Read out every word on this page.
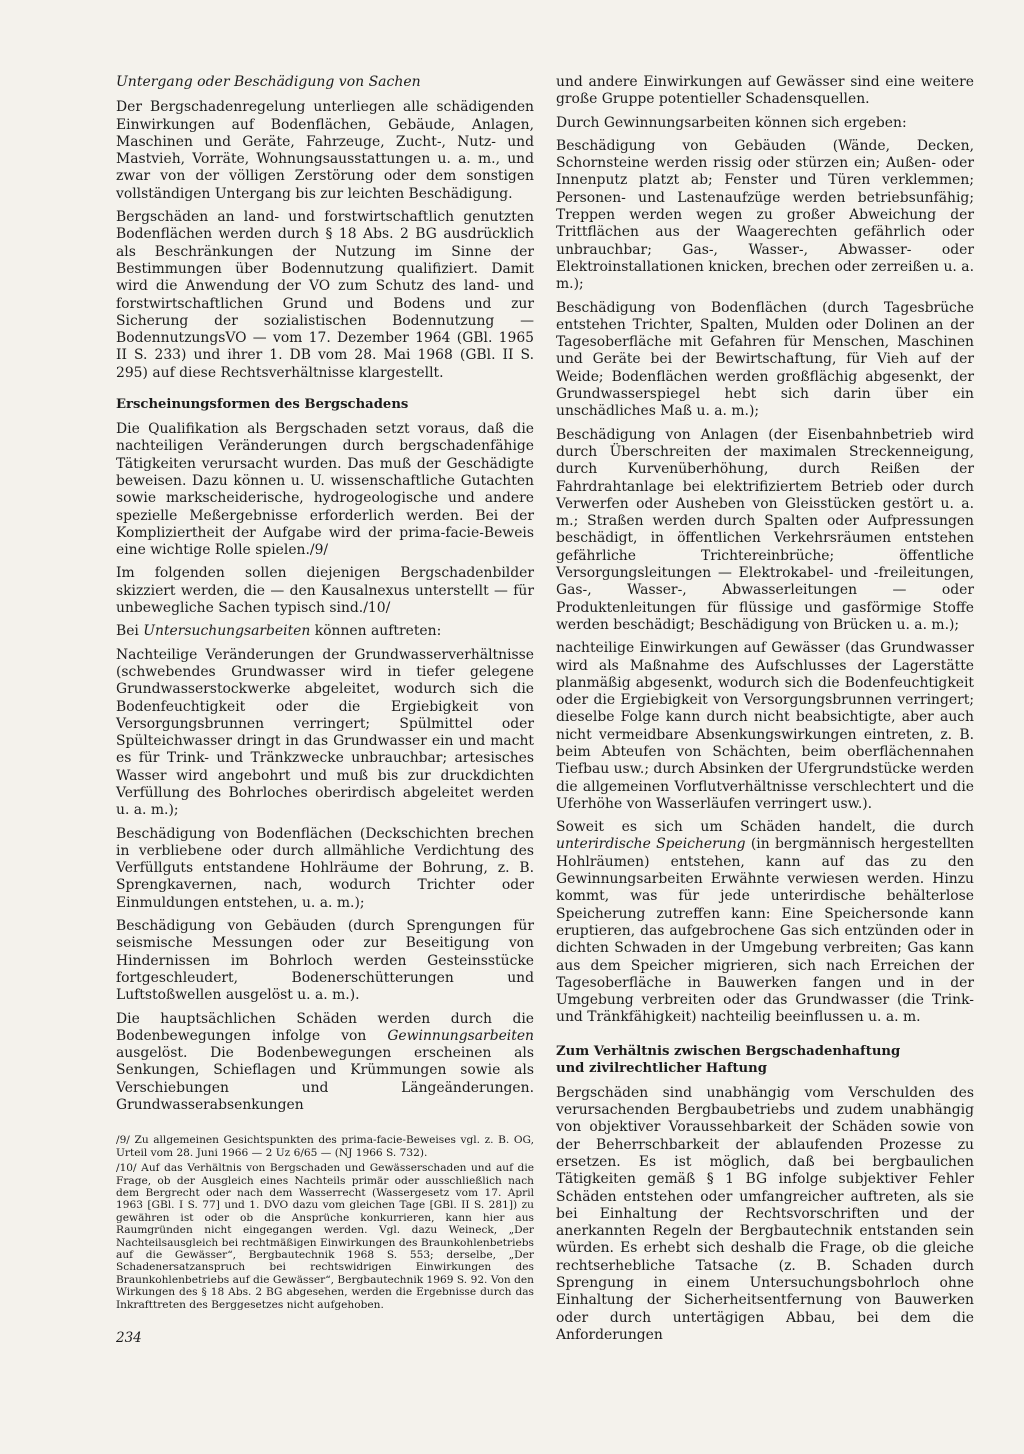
Untergang oder Beschädigung von Sachen

Der Bergschadenregelung unterliegen alle schädigenden Einwirkungen auf Bodenflächen, Gebäude, Anlagen, Maschinen und Geräte, Fahrzeuge, Zucht-, Nutz- und Mastvieh, Vorräte, Wohnungsausstattungen u. a. m., und zwar von der völligen Zerstörung oder dem sonstigen vollständigen Untergang bis zur leichten Beschädigung.

Bergschäden an land- und forstwirtschaftlich genutzten Bodenflächen werden durch § 18 Abs. 2 BG ausdrücklich als Beschränkungen der Nutzung im Sinne der Bestimmungen über Bodennutzung qualifiziert. Damit wird die Anwendung der VO zum Schutz des land- und forstwirtschaftlichen Grund und Bodens und zur Sicherung der sozialistischen Bodennutzung — BodennutzungsVO — vom 17. Dezember 1964 (GBl. 1965 II S. 233) und ihrer 1. DB vom 28. Mai 1968 (GBl. II S. 295) auf diese Rechtsverhältnisse klargestellt.

Erscheinungsformen des Bergschadens

Die Qualifikation als Bergschaden setzt voraus, daß die nachteiligen Veränderungen durch bergschadenfähige Tätigkeiten verursacht wurden. Das muß der Geschädigte beweisen. Dazu können u. U. wissenschaftliche Gutachten sowie markscheiderische, hydrogeologische und andere spezielle Meßergebnisse erforderlich werden. Bei der Kompliziertheit der Aufgabe wird der prima-facie-Beweis eine wichtige Rolle spielen./9/

Im folgenden sollen diejenigen Bergschadenbilder skizziert werden, die — den Kausalnexus unterstellt — für unbewegliche Sachen typisch sind./10/

Bei Untersuchungsarbeiten können auftreten:

Nachteilige Veränderungen der Grundwasserverhältnisse (schwebendes Grundwasser wird in tiefer gelegene Grundwasserstockwerke abgeleitet, wodurch sich die Bodenfeuchtigkeit oder die Ergiebigkeit von Versorgungsbrunnen verringert; Spülmittel oder Spülteichwasser dringt in das Grundwasser ein und macht es für Trink- und Tränkzwecke unbrauchbar; artesisches Wasser wird angebohrt und muß bis zur druckdichten Verfüllung des Bohrloches oberirdisch abgeleitet werden u. a. m.);

Beschädigung von Bodenflächen (Deckschichten brechen in verbliebene oder durch allmähliche Verdichtung des Verfüllguts entstandene Hohlräume der Bohrung, z. B. Sprengkavernen, nach, wodurch Trichter oder Einmuldungen entstehen, u. a. m.);

Beschädigung von Gebäuden (durch Sprengungen für seismische Messungen oder zur Beseitigung von Hindernissen im Bohrloch werden Gesteinsstücke fortgeschleudert, Bodenerschütterungen und Luftstoßwellen ausgelöst u. a. m.).

Die hauptsächlichen Schäden werden durch die Bodenbewegungen infolge von Gewinnungsarbeiten ausgelöst. Die Bodenbewegungen erscheinen als Senkungen, Schieflagen und Krümmungen sowie als Verschiebungen und Längeänderungen. Grundwasserabsenkungen

/9/ Zu allgemeinen Gesichtspunkten des prima-facie-Beweises vgl. z. B. OG, Urteil vom 28. Juni 1966 — 2 Uz 6/65 — (NJ 1966 S. 732).

/10/ Auf das Verhältnis von Bergschaden und Gewässerschaden und auf die Frage, ob der Ausgleich eines Nachteils primär oder ausschließlich nach dem Bergrecht oder nach dem Wasserrecht (Wassergesetz vom 17. April 1963 [GBl. I S. 77] und 1. DVO dazu vom gleichen Tage [GBl. II S. 281]) zu gewähren ist oder ob die Ansprüche konkurrieren, kann hier aus Raumgründen nicht eingegangen werden. Vgl. dazu Weineck, „Der Nachteilsausgleich bei rechtmäßigen Einwirkungen des Braunkohlenbetriebs auf die Gewässer“, Bergbautechnik 1968 S. 553; derselbe, „Der Schadenersatzanspruch bei rechtswidrigen Einwirkungen des Braunkohlenbetriebs auf die Gewässer“, Bergbautechnik 1969 S. 92. Von den Wirkungen des § 18 Abs. 2 BG abgesehen, werden die Ergebnisse durch das Inkrafttreten des Berggesetzes nicht aufgehoben.

und andere Einwirkungen auf Gewässer sind eine weitere große Gruppe potentieller Schadensquellen.

Durch Gewinnungsarbeiten können sich ergeben:

Beschädigung von Gebäuden (Wände, Decken, Schornsteine werden rissig oder stürzen ein; Außen- oder Innenputz platzt ab; Fenster und Türen verklemmen; Personen- und Lastenaufzüge werden betriebsunfähig; Treppen werden wegen zu großer Abweichung der Trittflächen aus der Waagerechten gefährlich oder unbrauchbar; Gas-, Wasser-, Abwasser- oder Elektroinstallationen knicken, brechen oder zerreißen u. a. m.);

Beschädigung von Bodenflächen (durch Tagesbrüche entstehen Trichter, Spalten, Mulden oder Dolinen an der Tagesoberfläche mit Gefahren für Menschen, Maschinen und Geräte bei der Bewirtschaftung, für Vieh auf der Weide; Bodenflächen werden großflächig abgesenkt, der Grundwasserspiegel hebt sich darin über ein unschädliches Maß u. a. m.);

Beschädigung von Anlagen (der Eisenbahnbetrieb wird durch Überschreiten der maximalen Streckenneigung, durch Kurvenüberhöhung, durch Reißen der Fahrdrahtanlage bei elektrifiziertem Betrieb oder durch Verwerfen oder Ausheben von Gleisstücken gestört u. a. m.; Straßen werden durch Spalten oder Aufpressungen beschädigt, in öffentlichen Verkehrsräumen entstehen gefährliche Trichtereinbrüche; öffentliche Versorgungsleitungen — Elektrokabel- und -freileitungen, Gas-, Wasser-, Abwasserleitungen — oder Produktenleitungen für flüssige und gasförmige Stoffe werden beschädigt; Beschädigung von Brücken u. a. m.);

nachteilige Einwirkungen auf Gewässer (das Grundwasser wird als Maßnahme des Aufschlusses der Lagerstätte planmäßig abgesenkt, wodurch sich die Bodenfeuchtigkeit oder die Ergiebigkeit von Versorgungsbrunnen verringert; dieselbe Folge kann durch nicht beabsichtigte, aber auch nicht vermeidbare Absenkungswirkungen eintreten, z. B. beim Abteufen von Schächten, beim oberflächennahen Tiefbau usw.; durch Absinken der Ufergrundstücke werden die allgemeinen Vorflutverhältnisse verschlechtert und die Uferhöhe von Wasserläufen verringert usw.).

Soweit es sich um Schäden handelt, die durch unterirdische Speicherung (in bergmännisch hergestellten Hohlräumen) entstehen, kann auf das zu den Gewinnungsarbeiten Erwähnte verwiesen werden. Hinzu kommt, was für jede unterirdische behälterlose Speicherung zutreffen kann: Eine Speichersonde kann eruptieren, das aufgebrochene Gas sich entzünden oder in dichten Schwaden in der Umgebung verbreiten; Gas kann aus dem Speicher migrieren, sich nach Erreichen der Tagesoberfläche in Bauwerken fangen und in der Umgebung verbreiten oder das Grundwasser (die Trink- und Tränkfähigkeit) nachteilig beeinflussen u. a. m.

Zum Verhältnis zwischen Bergschadenhaftung
und zivilrechtlicher Haftung

Bergschäden sind unabhängig vom Verschulden des verursachenden Bergbaubetriebs und zudem unabhängig von objektiver Voraussehbarkeit der Schäden sowie von der Beherrschbarkeit der ablaufenden Prozesse zu ersetzen. Es ist möglich, daß bei bergbaulichen Tätigkeiten gemäß § 1 BG infolge subjektiver Fehler Schäden entstehen oder umfangreicher auftreten, als sie bei Einhaltung der Rechtsvorschriften und der anerkannten Regeln der Bergbautechnik entstanden sein würden. Es erhebt sich deshalb die Frage, ob die gleiche rechtserhebliche Tatsache (z. B. Schaden durch Sprengung in einem Untersuchungsbohrloch ohne Einhaltung der Sicherheitsentfernung von Bauwerken oder durch untertägigen Abbau, bei dem die Anforderungen

234
